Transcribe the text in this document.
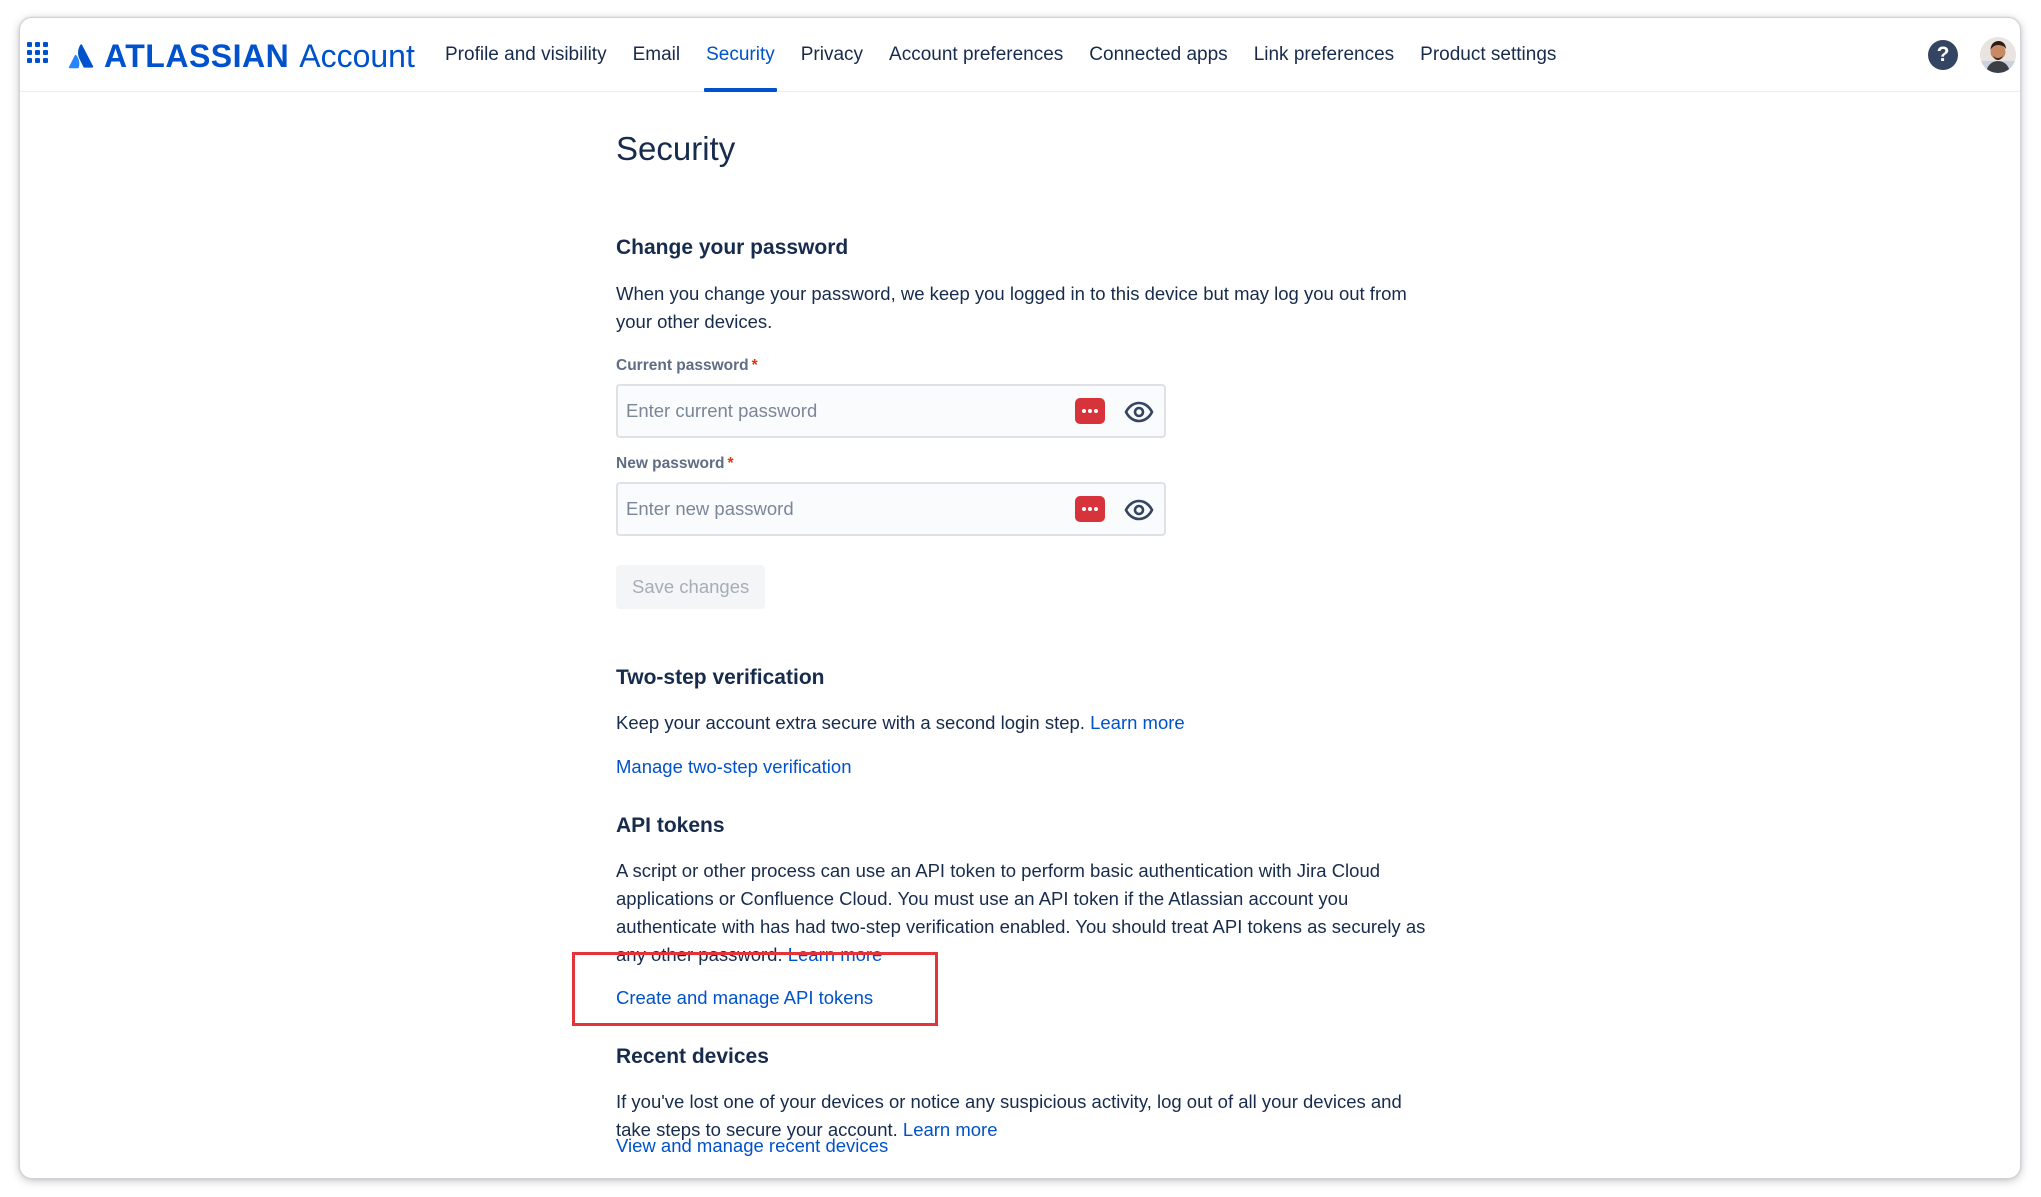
ATLASSIAN Account	Profile and visibility	Email	Security	Privacy	Account preferences	Connected apps	Link preferences	Product settings	?
Security
Change your password

When you change your password, we keep you logged in to this device but may log you out from your other devices.

Current password *
New password *
Save changes
Two-step verification

Keep your account extra secure with a second login step. Learn more

Manage two-step verification
API tokens

A script or other process can use an API token to perform basic authentication with Jira Cloud applications or Confluence Cloud. You must use an API token if the Atlassian account you authenticate with has had two-step verification enabled. You should treat API tokens as securely as any other password. Learn more

Create and manage API tokens
Recent devices

If you've lost one of your devices or notice any suspicious activity, log out of all your devices and take steps to secure your account. Learn more

View and manage recent devices
